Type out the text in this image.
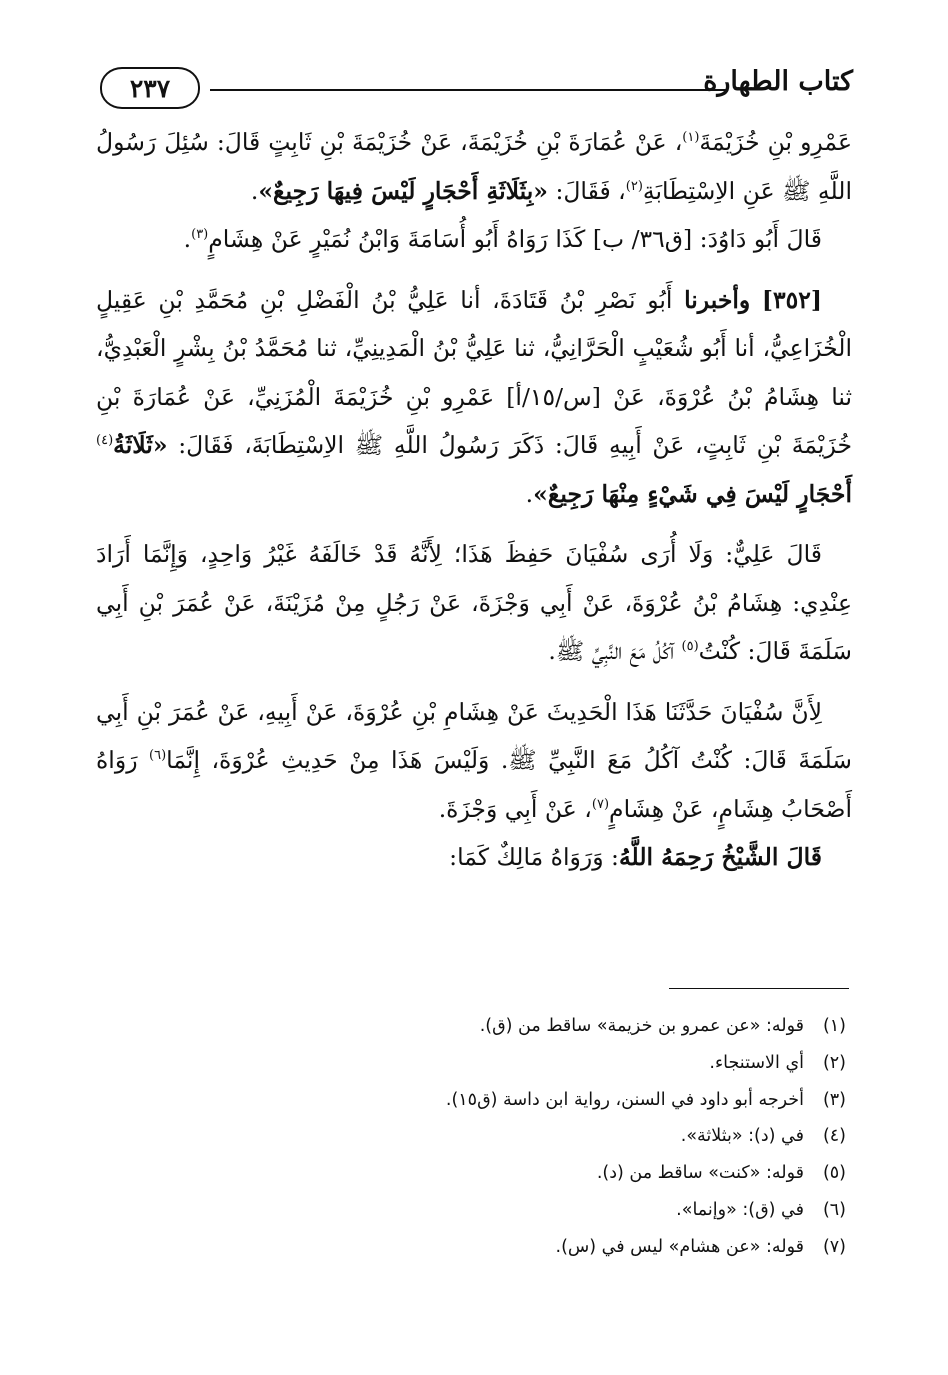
كتاب الطهارة
٢٣٧

عَمْرِو بْنِ خُزَيْمَةَ$^{(١)}$، عَنْ عُمَارَةَ بْنِ خُزَيْمَةَ، عَنْ خُزَيْمَةَ بْنِ ثَابِتٍ قَالَ: سُئِلَ رَسُولُ اللَّهِ ﷺ عَنِ الاِسْتِطَابَةِ$^{(٢)}$، فَقَالَ: «بِثَلَاثَةِ أَحْجَارٍ لَيْسَ فِيهَا رَجِيعٌ».

قَالَ أَبُو دَاوُدَ: [ق٣٦/ ب] كَذَا رَوَاهُ أَبُو أُسَامَةَ وَابْنُ نُمَيْرٍ عَنْ هِشَامٍ$^{(٣)}$.

[٣٥٢] وأخبرنا أَبُو نَصْرِ بْنُ قَتَادَةَ، أنا عَلِيُّ بْنُ الْفَضْلِ بْنِ مُحَمَّدِ بْنِ عَقِيلٍ الْخُزَاعِيُّ، أنا أَبُو شُعَيْبٍ الْحَرَّانِيُّ، ثنا عَلِيُّ بْنُ الْمَدِينِيِّ، ثنا مُحَمَّدُ بْنُ بِشْرٍ الْعَبْدِيُّ، ثنا هِشَامُ بْنُ عُرْوَةَ، عَنْ [س/١٥/أ] عَمْرِو بْنِ خُزَيْمَةَ الْمُزَنِيِّ، عَنْ عُمَارَةَ بْنِ خُزَيْمَةَ بْنِ ثَابِتٍ، عَنْ أَبِيهِ قَالَ: ذَكَرَ رَسُولُ اللَّهِ ﷺ الاِسْتِطَابَةَ، فَقَالَ: «ثَلَاثَةُ$^{(٤)}$ أَحْجَارٍ لَيْسَ فِي شَيْءٍ مِنْهَا رَجِيعٌ».

قَالَ عَلِيٌّ: وَلَا أُرَى سُفْيَانَ حَفِظَ هَذَا؛ لِأَنَّهُ قَدْ خَالَفَهُ غَيْرُ وَاحِدٍ، وَإِنَّمَا أَرَادَ عِنْدِي: هِشَامُ بْنُ عُرْوَةَ، عَنْ أَبِي وَجْزَةَ، عَنْ رَجُلٍ مِنْ مُزَيْنَةَ، عَنْ عُمَرَ بْنِ أَبِي سَلَمَةَ قَالَ: كُنْتُ$^{(٥)}$ آكُلُ مَعَ النَّبِيِّ ﷺ.

لِأَنَّ سُفْيَانَ حَدَّثَنَا هَذَا الْحَدِيثَ عَنْ هِشَامِ بْنِ عُرْوَةَ، عَنْ أَبِيهِ، عَنْ عُمَرَ بْنِ أَبِي سَلَمَةَ قَالَ: كُنْتُ آكُلُ مَعَ النَّبِيِّ ﷺ. وَلَيْسَ هَذَا مِنْ حَدِيثِ عُرْوَةَ، إِنَّمَا$^{(٦)}$ رَوَاهُ أَصْحَابُ هِشَامٍ، عَنْ هِشَامٍ$^{(٧)}$، عَنْ أَبِي وَجْزَةَ.

قَالَ الشَّيْخُ رَحِمَهُ اللَّهُ: وَرَوَاهُ مَالِكٌ كَمَا:

(١)قوله: «عن عمرو بن خزيمة» ساقط من (ق).
(٢)أي الاستنجاء.
(٣)أخرجه أبو داود في السنن، رواية ابن داسة (ق١٥).
(٤)في (د): «بثلاثة».
(٥)قوله: «كنت» ساقط من (د).
(٦)في (ق): «وإنما».
(٧)قوله: «عن هشام» ليس في (س).
